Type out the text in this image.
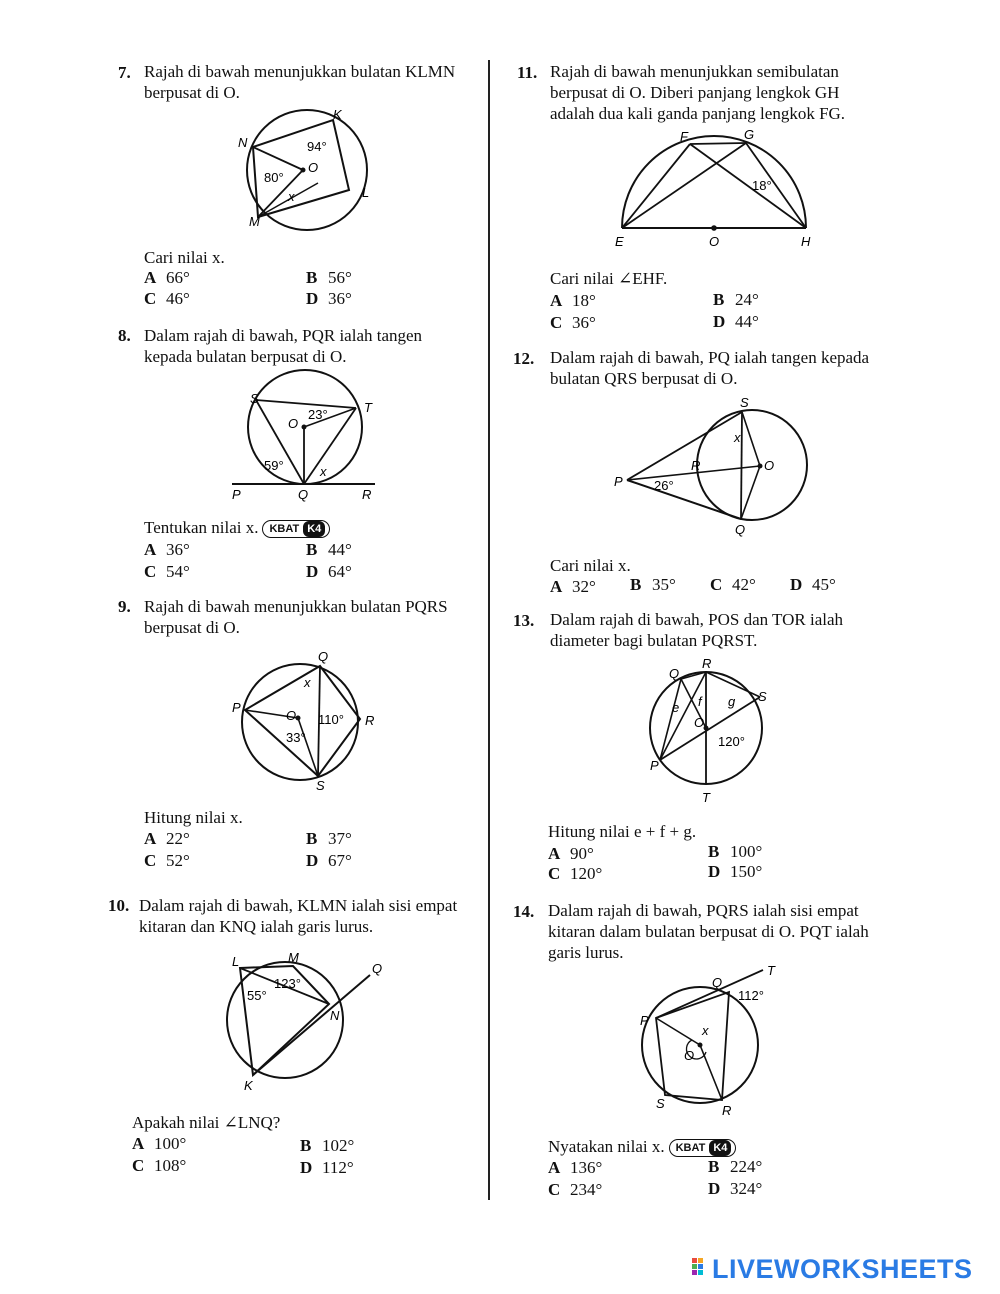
7. Rajah di bawah menunjukkan bulatan KLMN
berpusat di O.
K
N
O
L
M
x
94°
80°
Cari nilai x.
A 66°	B 56°
C 46°	D 36°
8. Dalam rajah di bawah, PQR ialah tangen
kepada bulatan berpusat di O.
S
T
O
P	Q	R
x
23°
59°
Tentukan nilai x. KBAT K4
A 36°	B 44°
C 54°	D 64°
9. Rajah di bawah menunjukkan bulatan PQRS
berpusat di O.
Q
P
O	R
S
x
110°
33°
Hitung nilai x.
A 22°	B 37°
C 52°	D 67°
10. Dalam rajah di bawah, KLMN ialah sisi empat
kitaran dan KNQ ialah garis lurus.
L	M
Q
N
K
55°
123°
Apakah nilai ∠LNQ?
A 100°	B 102°
C 108°	D 112°
11. Rajah di bawah menunjukkan semibulatan
berpusat di O. Diberi panjang lengkok GH
adalah dua kali ganda panjang lengkok FG.
F	G
E	O	H
18°
Cari nilai ∠EHF.
A 18°	B 24°
C 36°	D 44°
12. Dalam rajah di bawah, PQ ialah tangen kepada
bulatan QRS berpusat di O.
S
x
R	O
P
Q
26°
Cari nilai x.
A 32° B 35° C 42° D 45°
13. Dalam rajah di bawah, POS dan TOR ialah
diameter bagi bulatan PQRST.
R
Q
S
e f g
O
P
T
120°
Hitung nilai e + f + g.
A 90°	B 100°
C 120°	D 150°
14. Dalam rajah di bawah, PQRS ialah sisi empat
kitaran dalam bulatan berpusat di O. PQT ialah
garis lurus.
T
Q
P
x
O
S	R
112°
Nyatakan nilai x. KBAT K4
A 136°	B 224°
C 234°	D 324°
LIVEWORKSHEETS
